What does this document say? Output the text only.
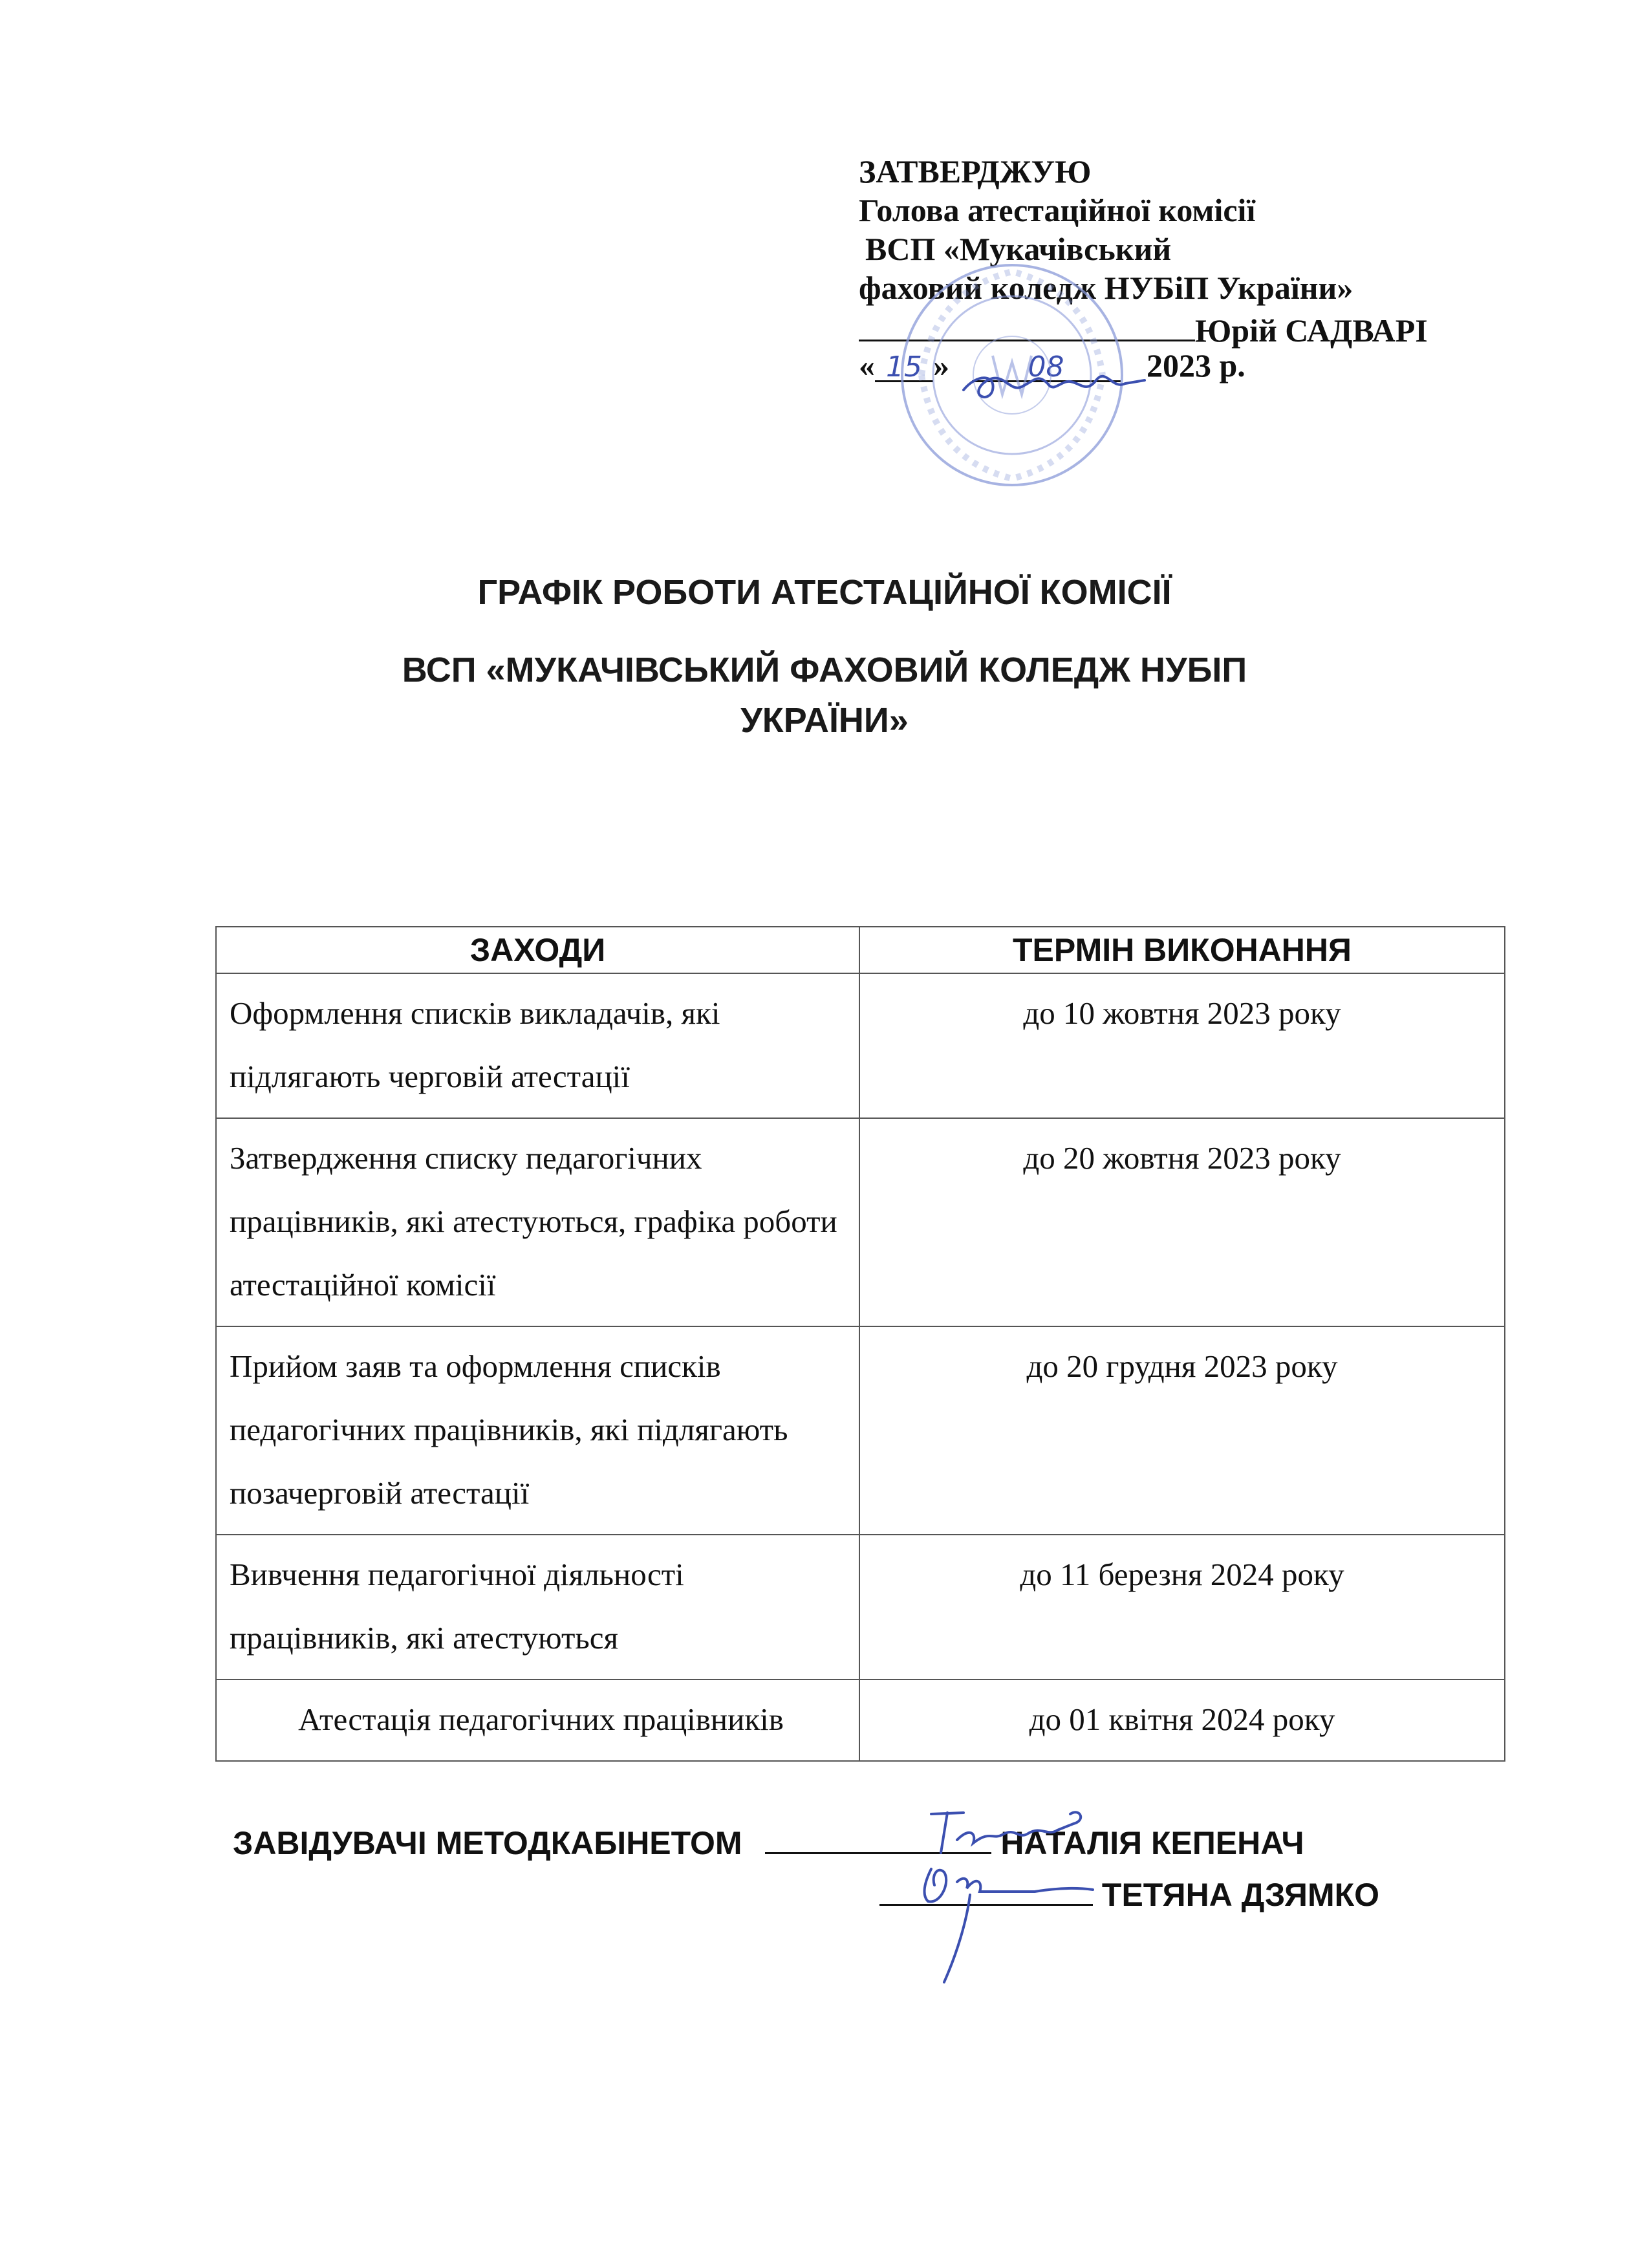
ЗАТВЕРДЖУЮ
Голова атестаційної комісії
ВСП «Мукачівський
фаховий коледж НУБіП України»
Юрій САДВАРІ
« 15 »	08	2023 р.
ГРАФІК РОБОТИ АТЕСТАЦІЙНОЇ КОМІСІЇ
ВСП «МУКАЧІВСЬКИЙ ФАХОВИЙ КОЛЕДЖ НУБІП
УКРАЇНИ»
ЗАХОДИ	ТЕРМІН ВИКОНАННЯ
Оформлення списків викладачів, які підлягають черговій атестації	до 10 жовтня 2023 року
Затвердження списку педагогічних працівників, які атестуються, графіка роботи атестаційної комісії	до 20 жовтня 2023 року
Прийом заяв та оформлення списків педагогічних працівників, які підлягають позачерговій атестації	до 20 грудня 2023 року
Вивчення педагогічної діяльності працівників, які атестуються	до 11 березня 2024 року
Атестація педагогічних працівників	до 01 квітня 2024 року
ЗАВІДУВАЧІ МЕТОДКАБІНЕТОМ	НАТАЛІЯ КЕПЕНАЧ
ТЕТЯНА ДЗЯМКО
